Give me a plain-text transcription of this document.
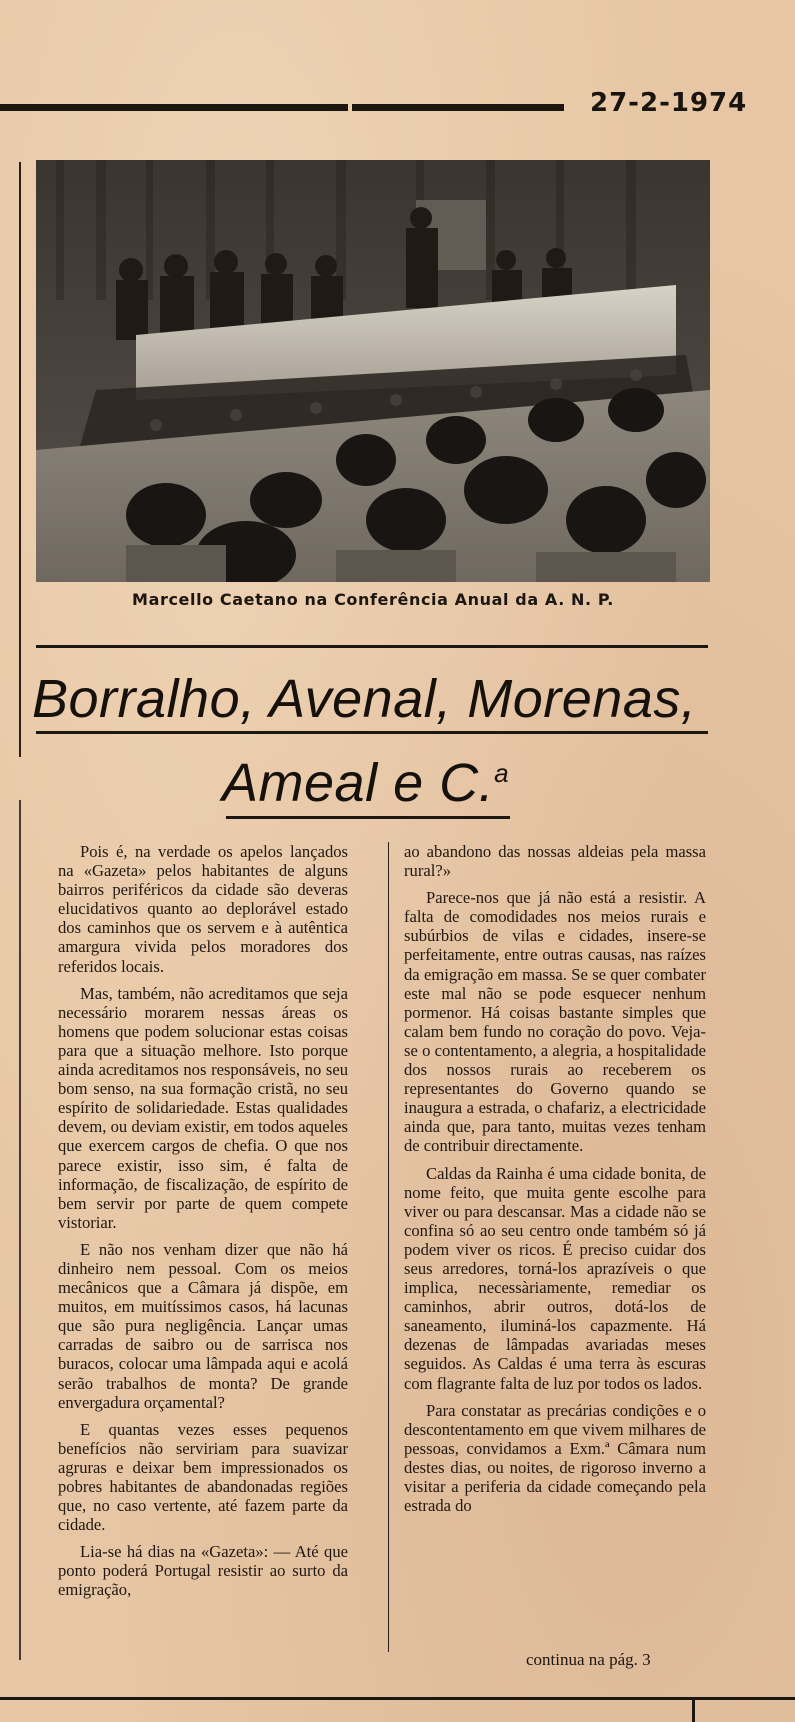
27-2-1974
Marcello Caetano na Conferência Anual da A. N. P.
Borralho, Avenal, Morenas,
Ameal e C.$^a$

Pois é, na verdade os apelos lançados na «Gazeta» pelos habitantes de alguns bairros periféricos da cidade são deveras elucidativos quanto ao deplorável estado dos caminhos que os servem e à autêntica amargura vivida pelos moradores dos referidos locais.

Mas, também, não acreditamos que seja necessário morarem nessas áreas os homens que podem solucionar estas coisas para que a situação melhore. Isto porque ainda acreditamos nos responsáveis, no seu bom senso, na sua formação cristã, no seu espírito de solidariedade. Estas qualidades devem, ou deviam existir, em todos aqueles que exercem cargos de chefia. O que nos parece existir, isso sim, é falta de informação, de fiscalização, de espírito de bem servir por parte de quem compete vistoriar.

E não nos venham dizer que não há dinheiro nem pessoal. Com os meios mecânicos que a Câmara já dispõe, em muitos, em muitíssimos casos, há lacunas que são pura negligência. Lançar umas carradas de saibro ou de sarrisca nos buracos, colocar uma lâmpada aqui e acolá serão trabalhos de monta? De grande envergadura orçamental?

E quantas vezes esses pequenos benefícios não serviriam para suavizar agruras e deixar bem impressionados os pobres habitantes de abandonadas regiões que, no caso vertente, até fazem parte da cidade.

Lia-se há dias na «Gazeta»: — Até que ponto poderá Portugal resistir ao surto da emigração,

ao abandono das nossas aldeias pela massa rural?»

Parece-nos que já não está a resistir. A falta de comodidades nos meios rurais e subúrbios de vilas e cidades, insere-se perfeitamente, entre outras causas, nas raízes da emigração em massa. Se se quer combater este mal não se pode esquecer nenhum pormenor. Há coisas bastante simples que calam bem fundo no coração do povo. Veja-se o contentamento, a alegria, a hospitalidade dos nossos rurais ao receberem os representantes do Governo quando se inaugura a estrada, o chafariz, a electricidade ainda que, para tanto, muitas vezes tenham de contribuir directamente.

Caldas da Rainha é uma cidade bonita, de nome feito, que muita gente escolhe para viver ou para descansar. Mas a cidade não se confina só ao seu centro onde também só já podem viver os ricos. É preciso cuidar dos seus arredores, torná-los aprazíveis o que implica, necessàriamente, remediar os caminhos, abrir outros, dotá-los de saneamento, iluminá-los capazmente. Há dezenas de lâmpadas avariadas meses seguidos. As Caldas é uma terra às escuras com flagrante falta de luz por todos os lados.

Para constatar as precárias condições e o descontentamento em que vivem milhares de pessoas, convidamos a Exm.ª Câmara num destes dias, ou noites, de rigoroso inverno a visitar a periferia da cidade começando pela estrada do

continua na pág. 3
